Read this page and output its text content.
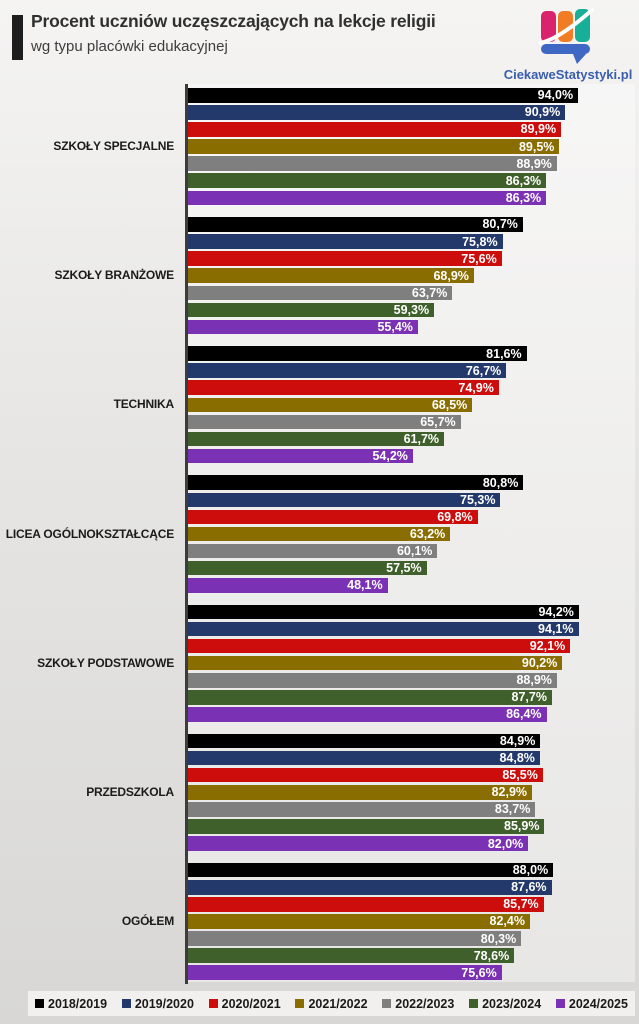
Procent uczniów uczęszczających na lekcje religii
wg typu placówki edukacyjnej
CiekaweStatystyki.pl
SZKOŁY SPECJALNE
94,0%
90,9%
89,9%
89,5%
88,9%
86,3%
86,3%
SZKOŁY BRANŻOWE
80,7%
75,8%
75,6%
68,9%
63,7%
59,3%
55,4%
TECHNIKA
81,6%
76,7%
74,9%
68,5%
65,7%
61,7%
54,2%
LICEA OGÓLNOKSZTAŁCĄCE
80,8%
75,3%
69,8%
63,2%
60,1%
57,5%
48,1%
SZKOŁY PODSTAWOWE
94,2%
94,1%
92,1%
90,2%
88,9%
87,7%
86,4%
PRZEDSZKOLA
84,9%
84,8%
85,5%
82,9%
83,7%
85,9%
82,0%
OGÓŁEM
88,0%
87,6%
85,7%
82,4%
80,3%
78,6%
75,6%
2018/2019 2019/2020 2020/2021 2021/2022 2022/2023 2023/2024 2024/2025
